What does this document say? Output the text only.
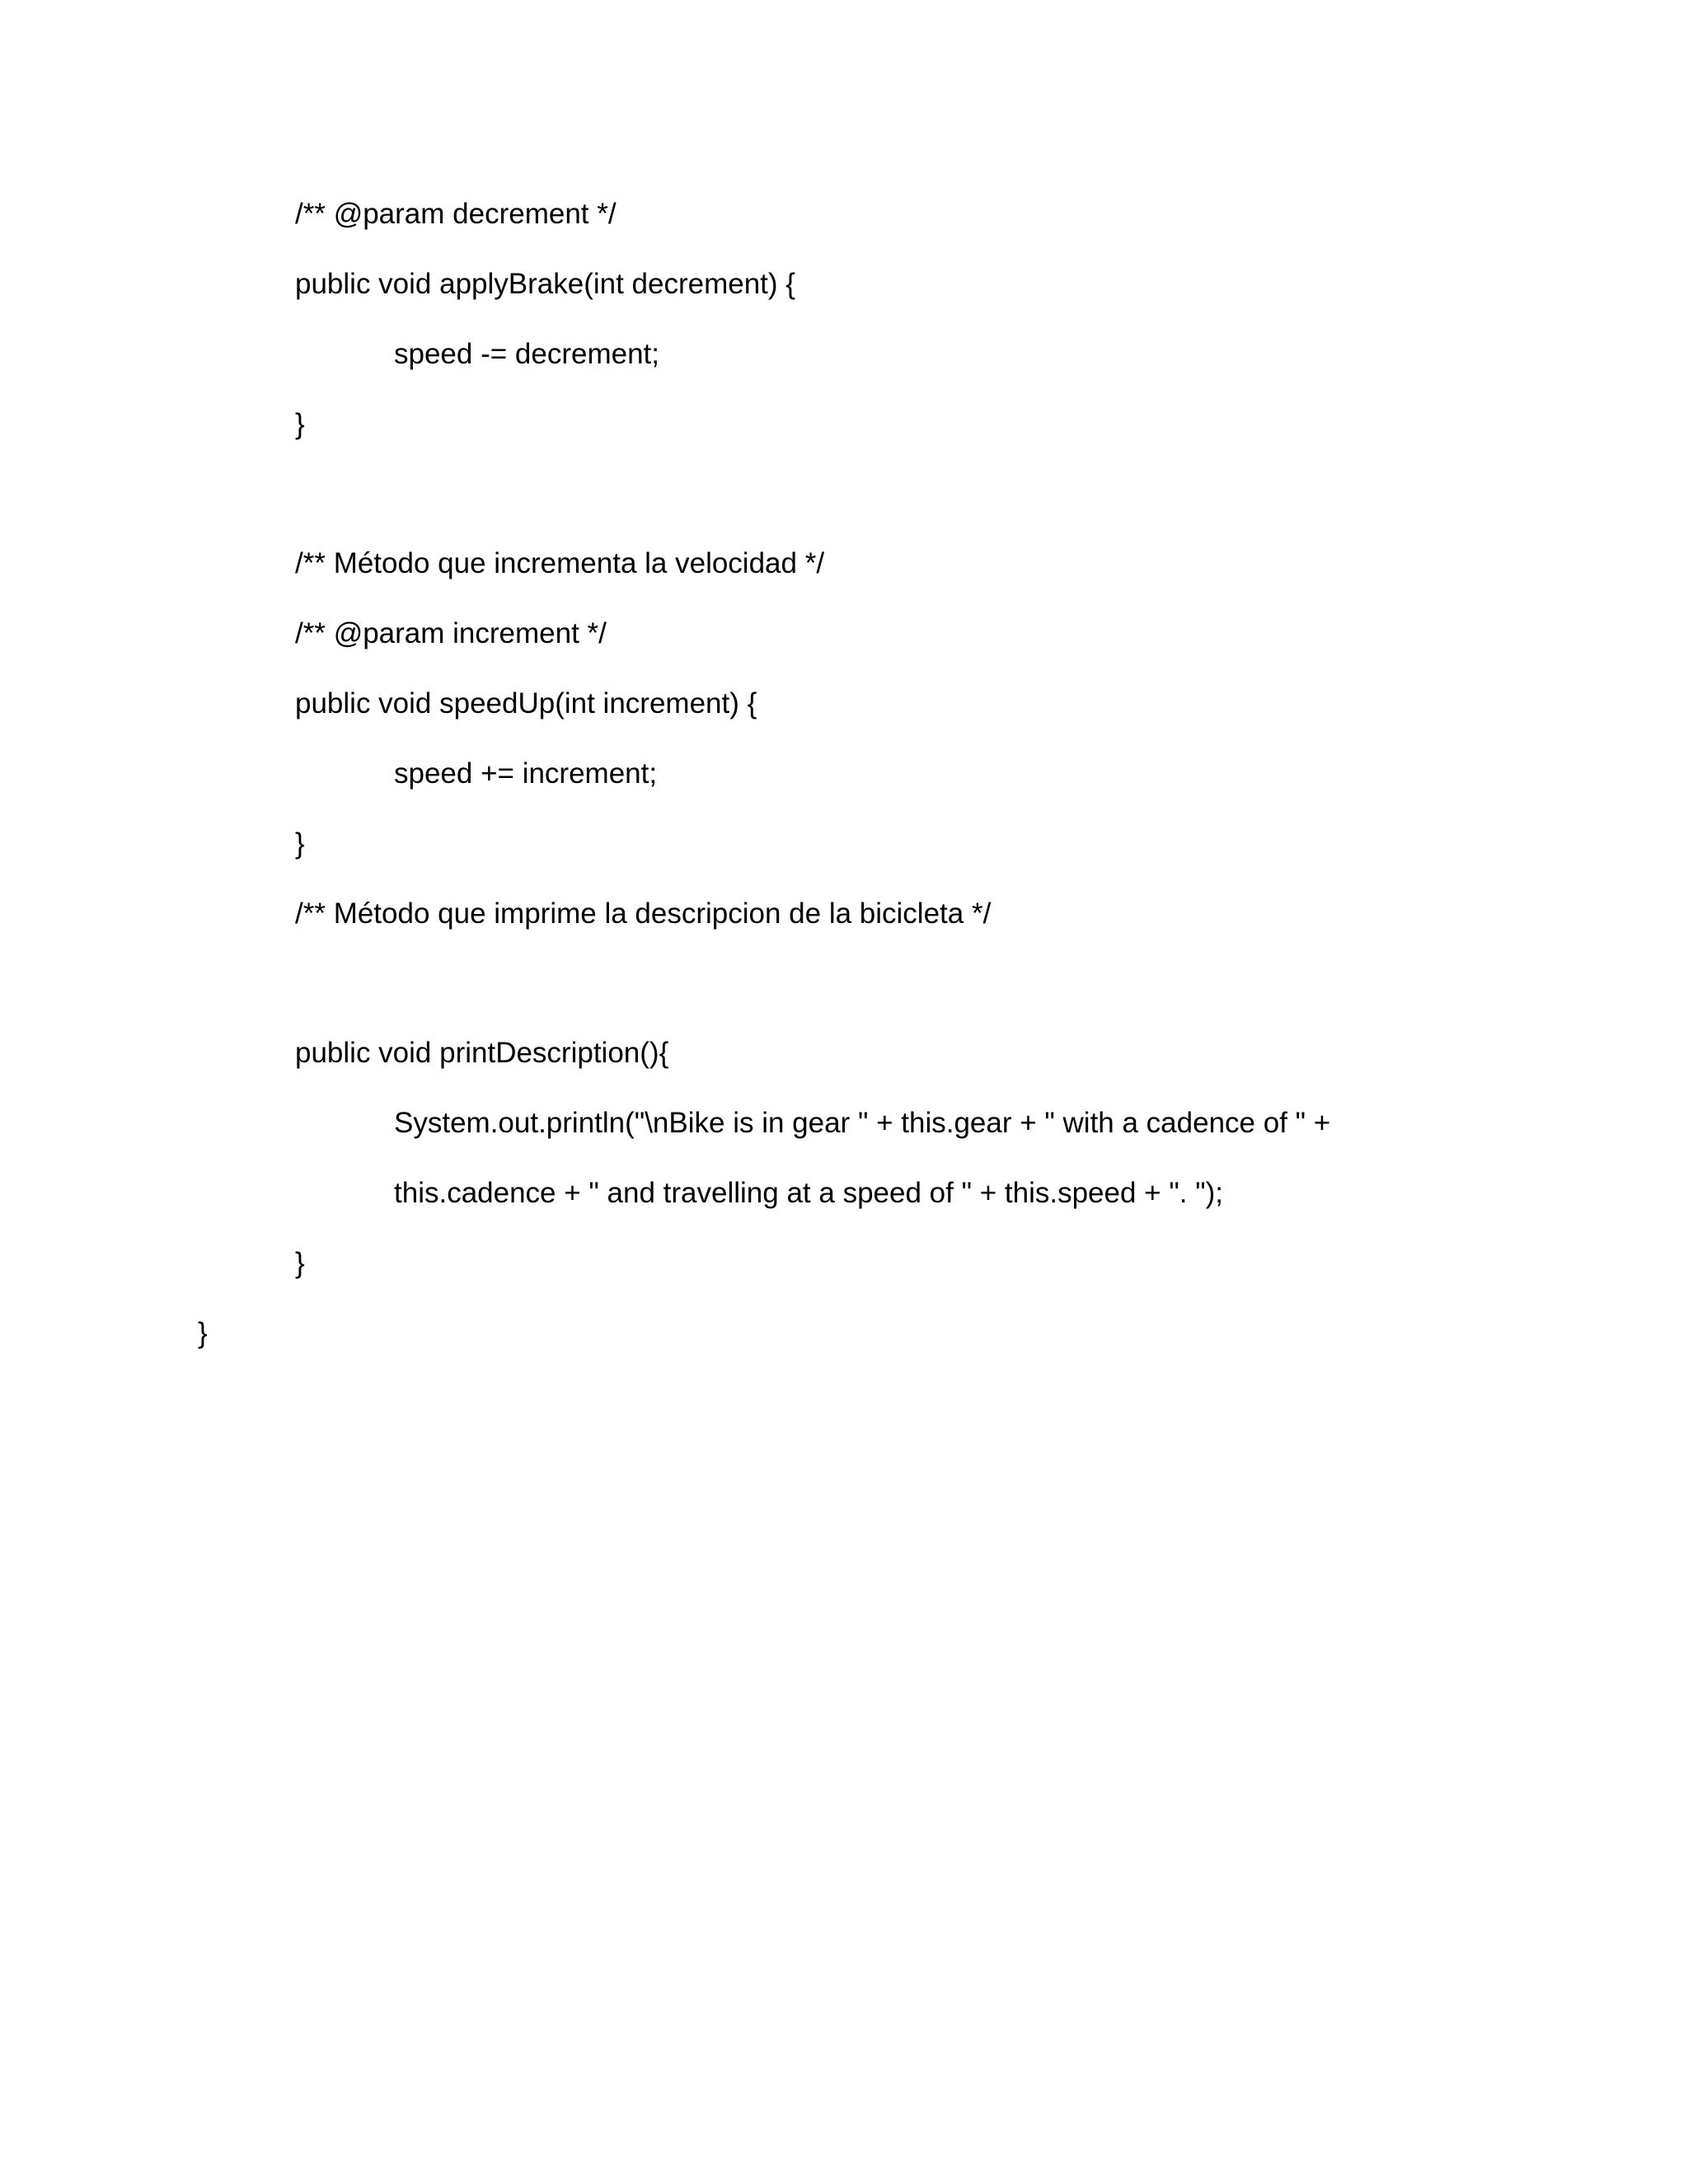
/** @param decrement */
public void applyBrake(int decrement) {
speed -= decrement;
}
/** Método que incrementa la velocidad */
/** @param increment */
public void speedUp(int increment) {
speed += increment;
}
/** Método que imprime la descripcion de la bicicleta */
public void printDescription(){
System.out.println("\nBike is in gear " + this.gear + " with a cadence of " +
this.cadence + " and travelling at a speed of " + this.speed + ". ");
}
}
